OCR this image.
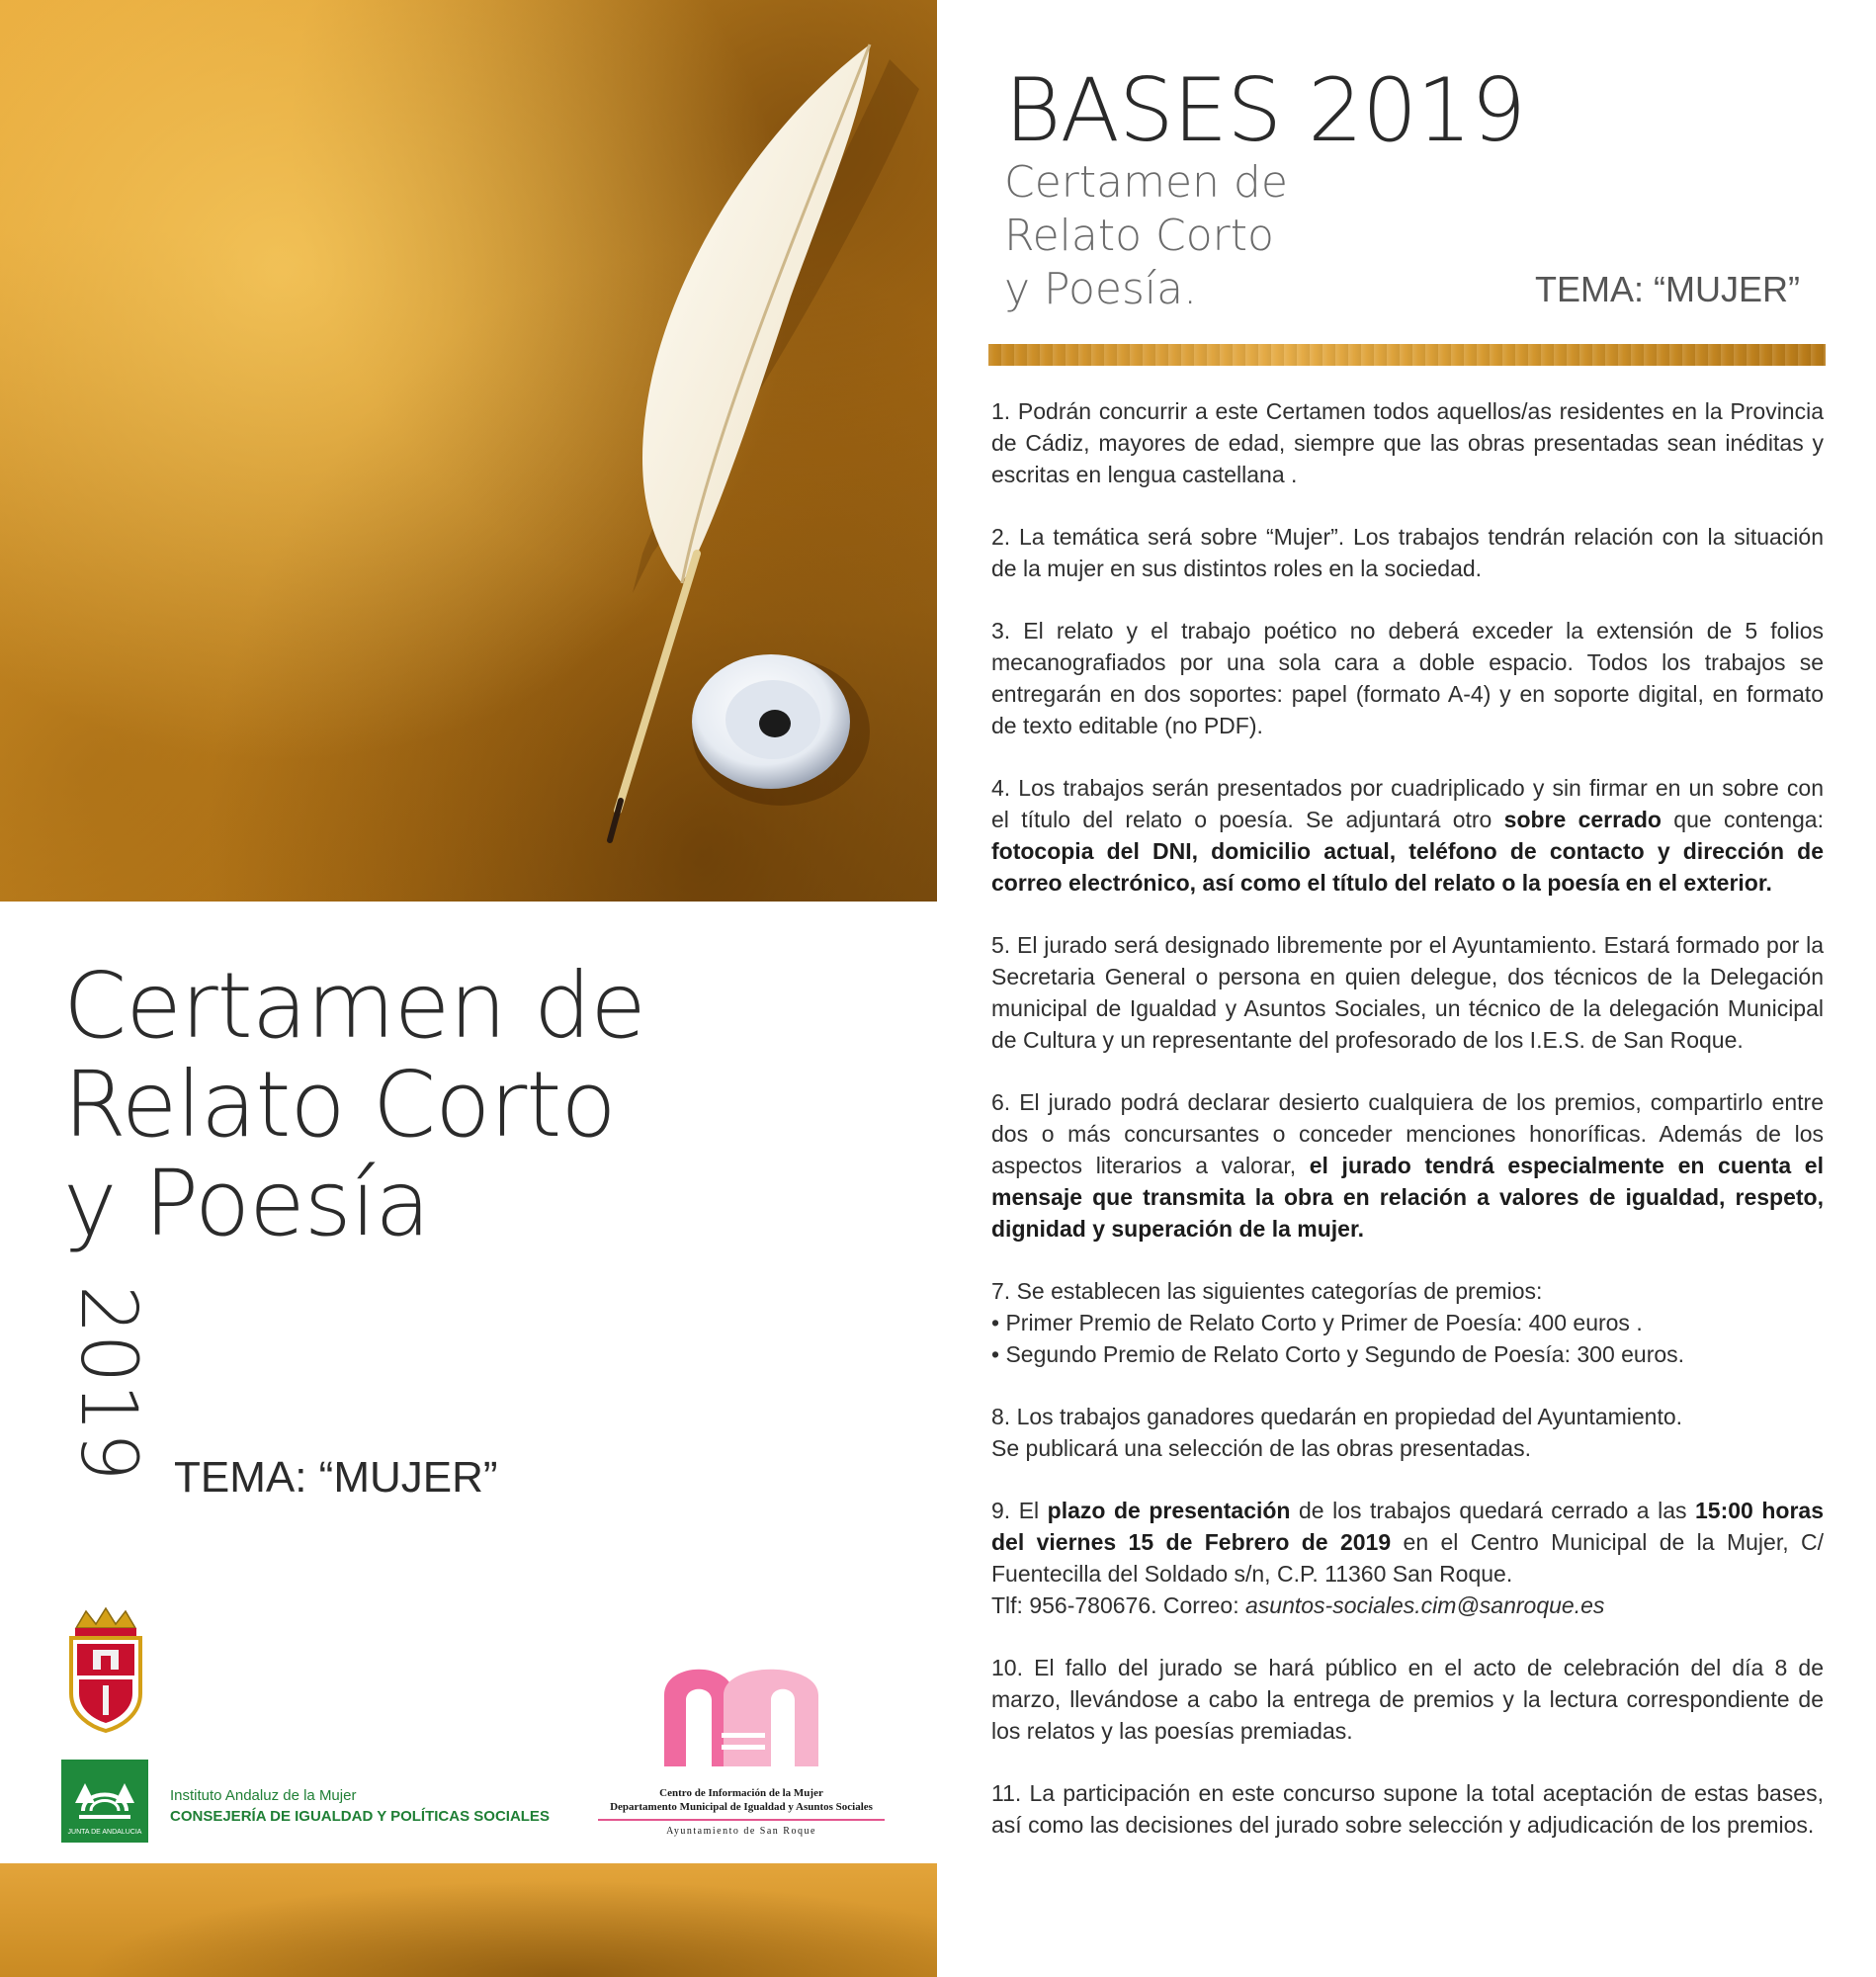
Certamen de
Relato Corto
y Poesía
2019 TEMA: “MUJER”
JUNTA DE ANDALUCIA
Instituto Andaluz de la Mujer
CONSEJERÍA DE IGUALDAD Y POLÍTICAS SOCIALES
Centro de Información de la Mujer
Departamento Municipal de Igualdad y Asuntos Sociales
Ayuntamiento de San Roque
BASES 2019
Certamen de
Relato Corto
y Poesía.	TEMA: “MUJER”

1. Podrán concurrir a este Certamen todos aquellos/as residentes en la Provincia de Cádiz, mayores de edad, siempre que las obras presentadas sean inéditas y escritas en lengua castellana .

2. La temática será sobre “Mujer”. Los trabajos tendrán relación con la situación de la mujer en sus distintos roles en la sociedad.

3. El relato y el trabajo poético no deberá exceder la extensión de 5 folios mecanografiados por una sola cara a doble espacio. Todos los trabajos se entregarán en dos soportes: papel (formato A-4) y en soporte digital, en formato de texto editable (no PDF).

4. Los trabajos serán presentados por cuadriplicado y sin firmar en un sobre con el título del relato o poesía. Se adjuntará otro sobre cerrado que contenga: fotocopia del DNI, domicilio actual, teléfono de contacto y dirección de correo electrónico, así como el título del relato o la poesía en el exterior.

5. El jurado será designado libremente por el Ayuntamiento. Estará formado por la Secretaria General o persona en quien delegue, dos técnicos de la Delegación municipal de Igualdad y Asuntos Sociales, un técnico de la delegación Municipal de Cultura y un representante del profesorado de los I.E.S. de San Roque.

6. El jurado podrá declarar desierto cualquiera de los premios, compartirlo entre dos o más concursantes o conceder menciones honoríficas. Además de los aspectos literarios a valorar, el jurado tendrá especialmente en cuenta el mensaje que transmita la obra en relación a valores de igualdad, respeto, dignidad y superación de la mujer.

7. Se establecen las siguientes categorías de premios:
• Primer Premio de Relato Corto y Primer de Poesía: 400 euros .
• Segundo Premio de Relato Corto y Segundo de Poesía: 300 euros.

8. Los trabajos ganadores quedarán en propiedad del Ayuntamiento.
Se publicará una selección de las obras presentadas.

9. El plazo de presentación de los trabajos quedará cerrado a las 15:00 horas del viernes 15 de Febrero de 2019 en el Centro Municipal de la Mujer, C/ Fuentecilla del Soldado s/n, C.P. 11360 San Roque.
Tlf: 956-780676. Correo: asuntos-sociales.cim@sanroque.es

10. El fallo del jurado se hará público en el acto de celebración del día 8 de marzo, llevándose a cabo la entrega de premios y la lectura correspondiente de los relatos y las poesías premiadas.

11. La participación en este concurso supone la total aceptación de estas bases, así como las decisiones del jurado sobre selección y adjudicación de los premios.
